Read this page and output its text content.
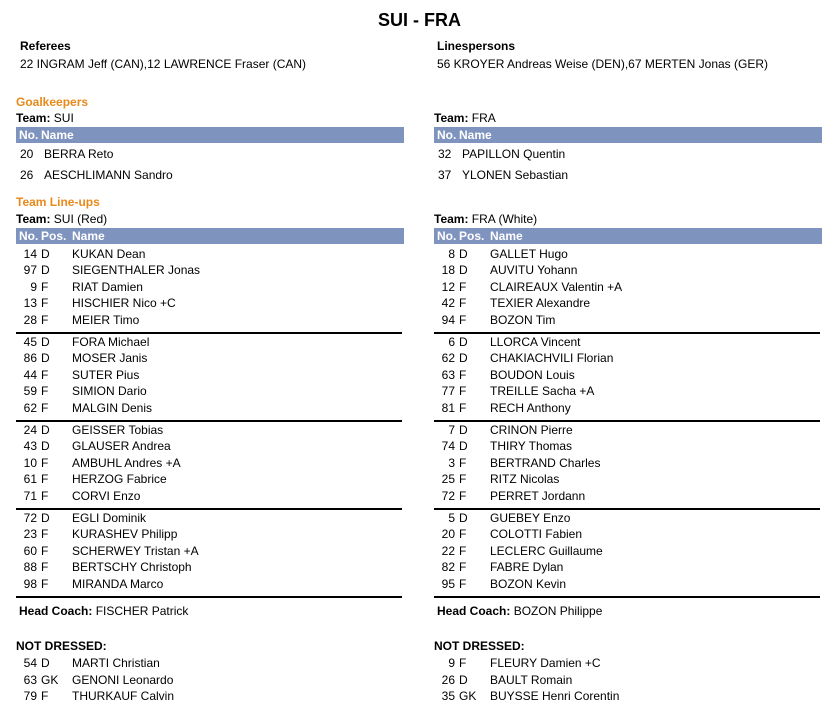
SUI - FRA
Referees
22 INGRAM Jeff (CAN),12 LAWRENCE Fraser (CAN)
Goalkeepers
Team: SUI
No. Name
20 BERRA Reto
26 AESCHLIMANN Sandro
Team Line-ups
Team: SUI (Red)
No. Pos. Name
14 D KUKAN Dean
97 D SIEGENTHALER Jonas
9 F RIAT Damien
13 F HISCHIER Nico +C
28 F MEIER Timo
45 D FORA Michael
86 D MOSER Janis
44 F SUTER Pius
59 F SIMION Dario
62 F MALGIN Denis
24 D GEISSER Tobias
43 D GLAUSER Andrea
10 F AMBUHL Andres +A
61 F HERZOG Fabrice
71 F CORVI Enzo
72 D EGLI Dominik
23 F KURASHEV Philipp
60 F SCHERWEY Tristan +A
88 F BERTSCHY Christoph
98 F MIRANDA Marco
Head Coach: FISCHER Patrick
NOT DRESSED:
54 D MARTI Christian
63 GK GENONI Leonardo
79 F THURKAUF Calvin
Linespersons
56 KROYER Andreas Weise (DEN),67 MERTEN Jonas (GER)
Team: FRA
No. Name
32 PAPILLON Quentin
37 YLONEN Sebastian
Team: FRA (White)
No. Pos. Name
8 D GALLET Hugo
18 D AUVITU Yohann
12 F CLAIREAUX Valentin +A
42 F TEXIER Alexandre
94 F BOZON Tim
6 D LLORCA Vincent
62 D CHAKIACHVILI Florian
63 F BOUDON Louis
77 F TREILLE Sacha +A
81 F RECH Anthony
7 D CRINON Pierre
74 D THIRY Thomas
3 F BERTRAND Charles
25 F RITZ Nicolas
72 F PERRET Jordann
5 D GUEBEY Enzo
20 F COLOTTI Fabien
22 F LECLERC Guillaume
82 F FABRE Dylan
95 F BOZON Kevin
Head Coach: BOZON Philippe
NOT DRESSED:
9 F FLEURY Damien +C
26 D BAULT Romain
35 GK BUYSSE Henri Corentin
